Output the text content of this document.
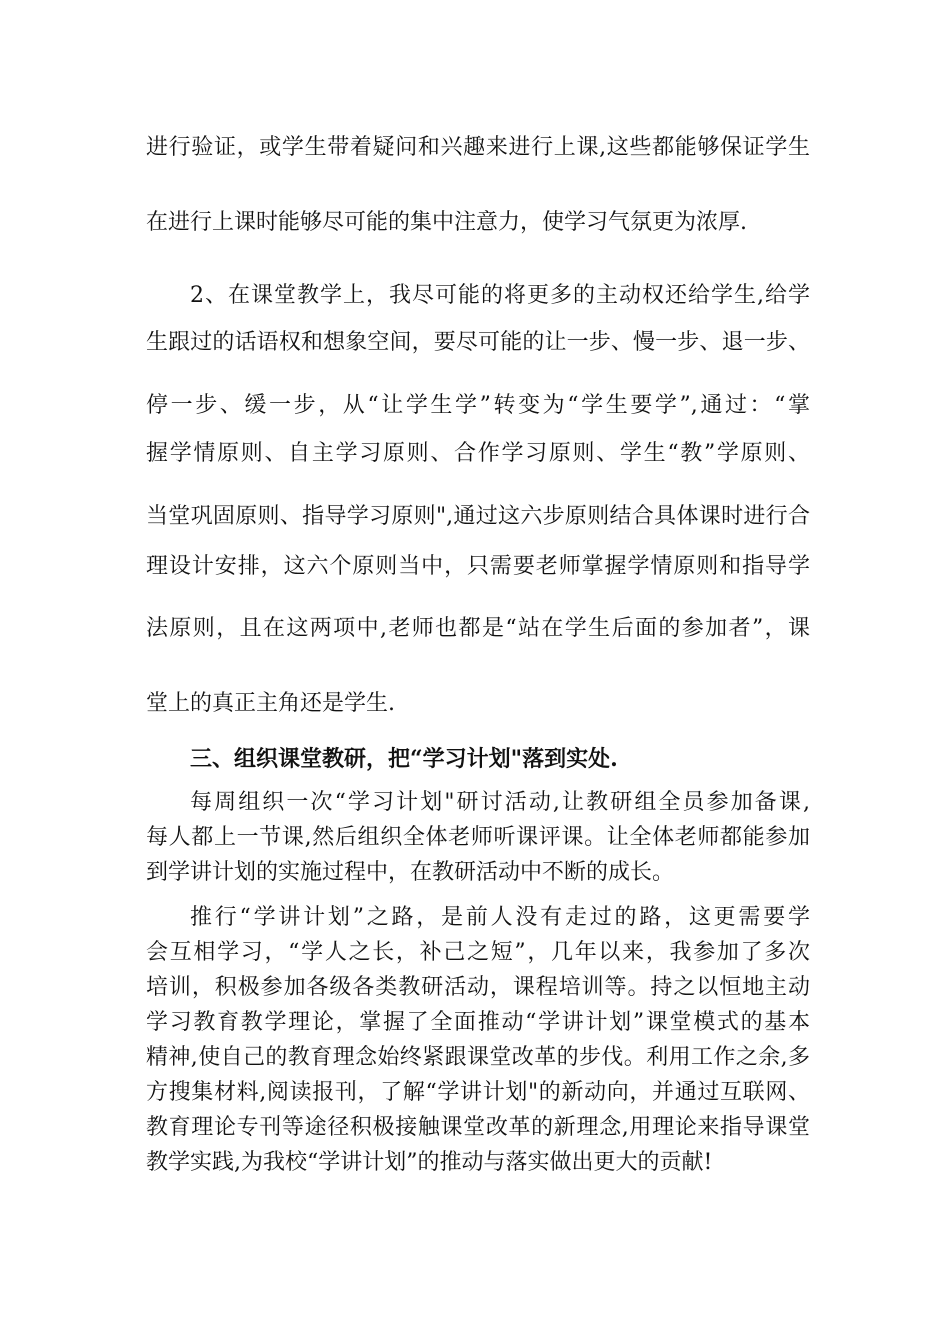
进行验证，或学生带着疑问和兴趣来进行上课,这些都能够保证学生
在进行上课时能够尽可能的集中注意力，使学习气氛更为浓厚.
2、在课堂教学上，我尽可能的将更多的主动权还给学生,给学
生跟过的话语权和想象空间，要尽可能的让一步、慢一步、退一步、
停一步、缓一步，从“让学生学”转变为“学生要学”,通过：“掌
握学情原则、自主学习原则、合作学习原则、学生“教”学原则、
当堂巩固原则、指导学习原则",通过这六步原则结合具体课时进行合
理设计安排，这六个原则当中，只需要老师掌握学情原则和指导学
法原则，且在这两项中,老师也都是“站在学生后面的参加者”，课
堂上的真正主角还是学生.
三、组织课堂教研，把“学习计划"落到实处.
每周组织一次“学习计划"研讨活动,让教研组全员参加备课,
每人都上一节课,然后组织全体老师听课评课。让全体老师都能参加
到学讲计划的实施过程中，在教研活动中不断的成长。
推行“学讲计划”之路，是前人没有走过的路，这更需要学
会互相学习，“学人之长，补己之短”，几年以来，我参加了多次
培训，积极参加各级各类教研活动，课程培训等。持之以恒地主动
学习教育教学理论，掌握了全面推动“学讲计划”课堂模式的基本
精神,使自己的教育理念始终紧跟课堂改革的步伐。利用工作之余,多
方搜集材料,阅读报刊，了解“学讲计划"的新动向，并通过互联网、
教育理论专刊等途径积极接触课堂改革的新理念,用理论来指导课堂
教学实践,为我校“学讲计划”的推动与落实做出更大的贡献!
